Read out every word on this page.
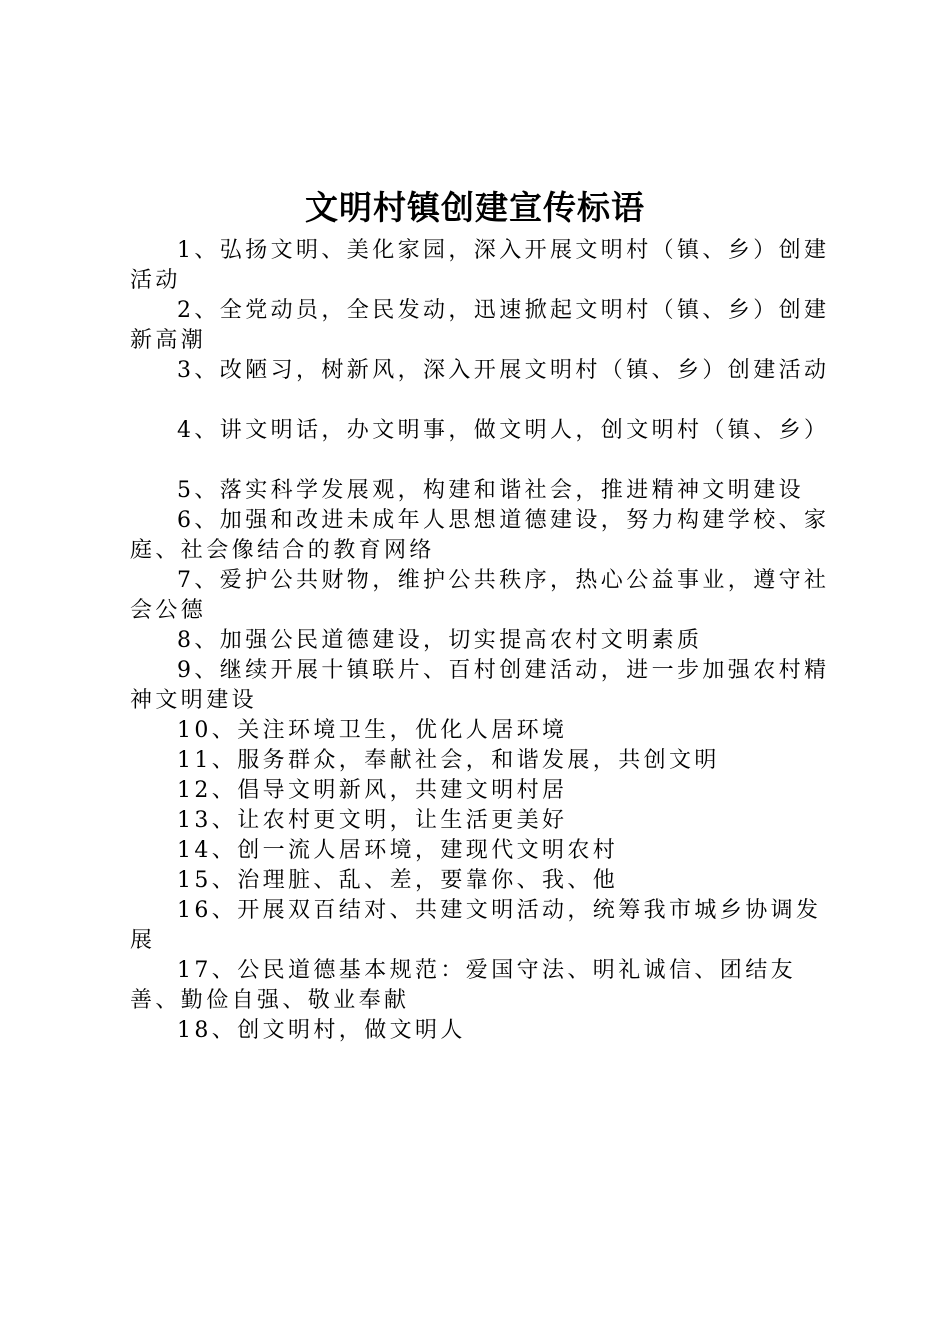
文明村镇创建宣传标语

1、弘扬文明、美化家园，深入开展文明村（镇、乡）创建活动

2、全党动员，全民发动，迅速掀起文明村（镇、乡）创建新高潮

3、改陋习，树新风，深入开展文明村（镇、乡）创建活动

4、讲文明话，办文明事，做文明人，创文明村（镇、乡）

5、落实科学发展观，构建和谐社会，推进精神文明建设

6、加强和改进未成年人思想道德建设，努力构建学校、家庭、社会像结合的教育网络

7、爱护公共财物，维护公共秩序，热心公益事业，遵守社会公德

8、加强公民道德建设，切实提高农村文明素质

9、继续开展十镇联片、百村创建活动，进一步加强农村精神文明建设

10、关注环境卫生，优化人居环境

11、服务群众，奉献社会，和谐发展，共创文明

12、倡导文明新风，共建文明村居

13、让农村更文明，让生活更美好

14、创一流人居环境，建现代文明农村

15、治理脏、乱、差，要靠你、我、他

16、开展双百结对、共建文明活动，统筹我市城乡协调发展

17、公民道德基本规范：爱国守法、明礼诚信、团结友善、勤俭自强、敬业奉献

18、创文明村，做文明人
